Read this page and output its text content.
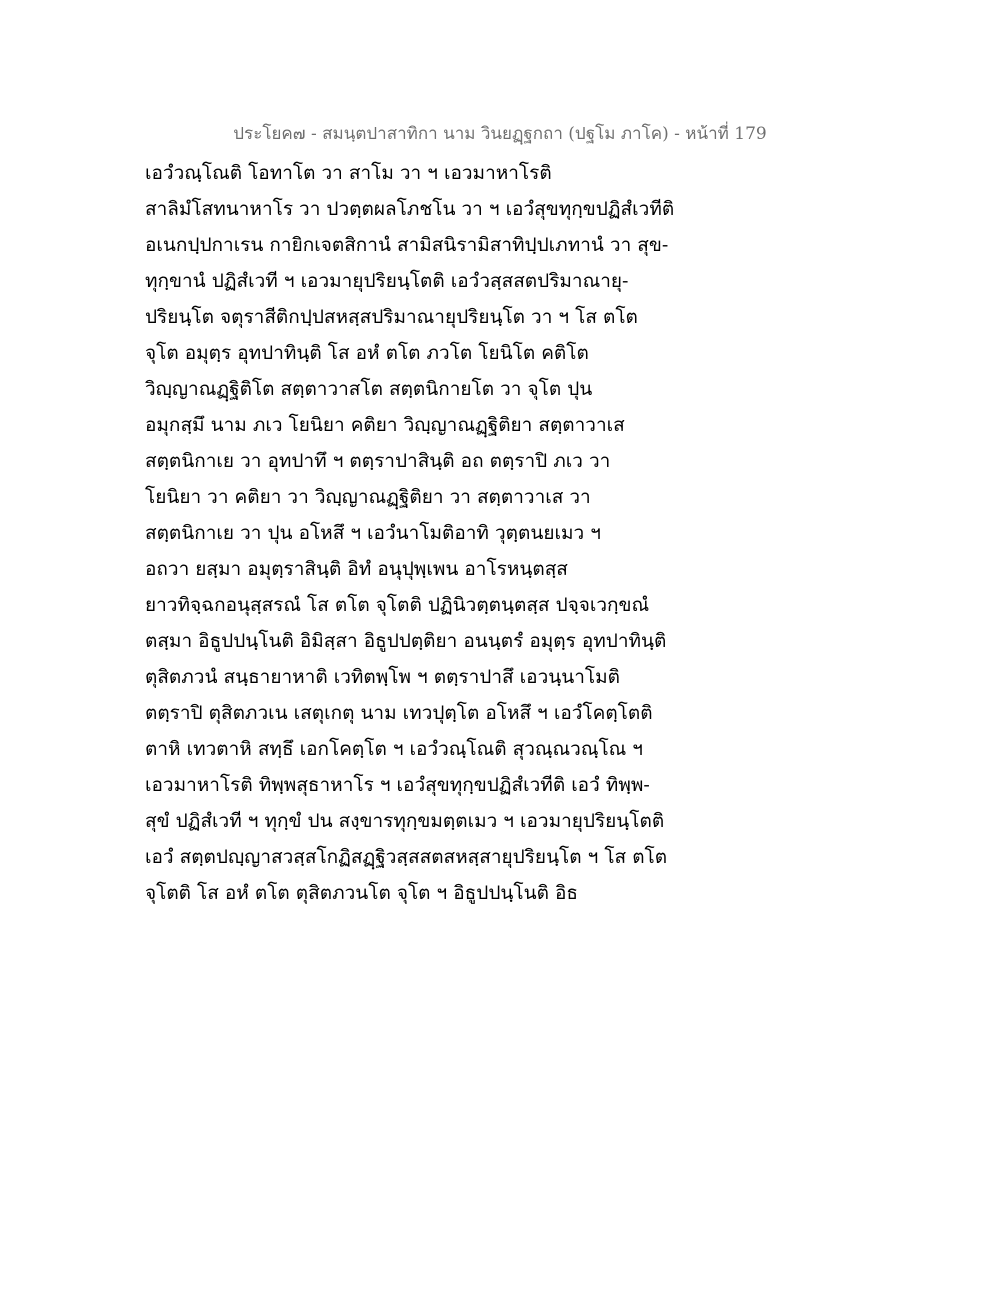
ประโยค๗ - สมนฺตปาสาทิกา นาม วินยฏฺฐกถา (ปฐโม ภาโค) - หน้าที่ 179
เอวํวณฺโณติ โอทาโต วา สาโม วา ฯ เอวมาหาโรติ
สาลิมํโสทนาหาโร วา ปวตฺตผลโภชโน วา ฯ เอวํสุขทุกฺขปฏิสํเวทีติ
อเนกปฺปกาเรน กายิกเจตสิกานํ สามิสนิรามิสาทิปฺปเภทานํ วา สุข-
ทุกฺขานํ ปฏิสํเวที ฯ เอวมายุปริยนฺโตติ เอวํวสฺสสตปริมาณายุ-
ปริยนฺโต จตุราสีติกปฺปสหสฺสปริมาณายุปริยนฺโต วา ฯ โส ตโต
จุโต อมุตฺร อุทปาทินฺติ โส อหํ ตโต ภวโต โยนิโต คติโต
วิญฺญาณฏฺฐิติโต สตฺตาวาสโต สตฺตนิกายโต วา จุโต ปุน
อมุกสฺมึ นาม ภเว โยนิยา คติยา วิญฺญาณฏฺฐิติยา สตฺตาวาเส
สตฺตนิกาเย วา อุทปาทึ ฯ ตตฺราปาสินฺติ อถ ตตฺราปิ ภเว วา
โยนิยา วา คติยา วา วิญฺญาณฏฺฐิติยา วา สตฺตาวาเส วา
สตฺตนิกาเย วา ปุน อโหสึ ฯ เอวํนาโมติอาทิ วุตฺตนยเมว ฯ
อถวา ยสฺมา อมุตฺราสินฺติ อิทํ อนุปุพฺเพน อาโรหนฺตสฺส
ยาวทิจฺฉกอนุสฺสรณํ โส ตโต จุโตติ ปฏินิวตฺตนฺตสฺส ปจฺจเวกฺขณํ
ตสฺมา อิธูปปนฺโนติ อิมิสฺสา อิธูปปตฺติยา อนนฺตรํ อมุตฺร อุทปาทินฺติ
ตุสิตภวนํ สนฺธายาหาติ เวทิตพฺโพ ฯ ตตฺราปาสึ เอวนฺนาโมติ
ตตฺราปิ ตุสิตภวเน เสตุเกตุ นาม เทวปุตฺโต อโหสึ ฯ เอวํโคตฺโตติ
ตาหิ เทวตาหิ สทฺธึ เอกโคตฺโต ฯ เอวํวณฺโณติ สุวณฺณวณฺโณ ฯ
เอวมาหาโรติ ทิพฺพสุธาหาโร ฯ เอวํสุขทุกฺขปฏิสํเวทีติ เอวํ ทิพฺพ-
สุขํ ปฏิสํเวที ฯ ทุกฺขํ ปน สงฺขารทุกฺขมตฺตเมว ฯ เอวมายุปริยนฺโตติ
เอวํ สตฺตปญฺญาสวสฺสโกฏิสฏฺฐิวสฺสสตสหสฺสายุปริยนฺโต ฯ โส ตโต
จุโตติ โส อหํ ตโต ตุสิตภวนโต จุโต ฯ อิธูปปนฺโนติ อิธ
